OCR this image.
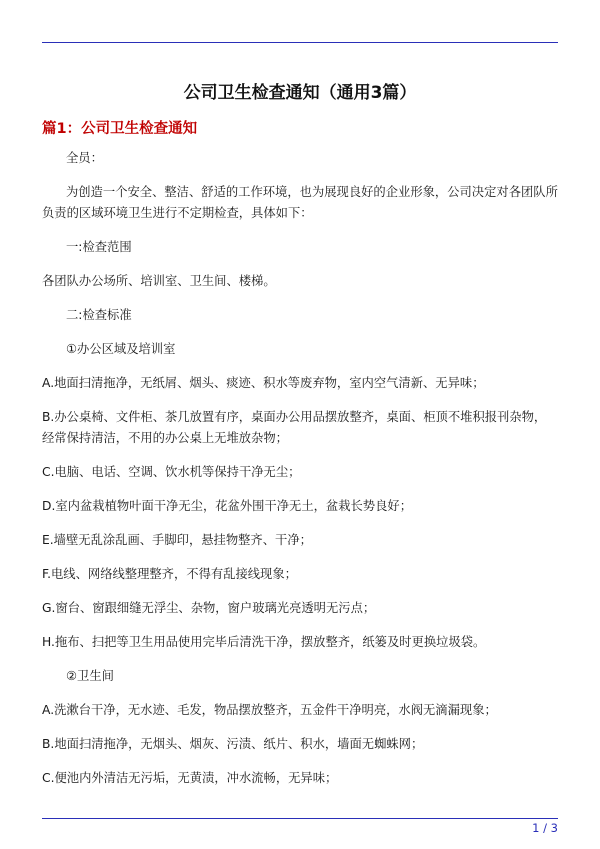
公司卫生检查通知（通用3篇）
篇1：公司卫生检查通知

全员：

为创造一个安全、整洁、舒适的工作环境，也为展现良好的企业形象，公司决定对各团队所负责的区域环境卫生进行不定期检查，具体如下：

一:检查范围

各团队办公场所、培训室、卫生间、楼梯。

二:检查标准

①办公区域及培训室

A.地面扫清拖净，无纸屑、烟头、痰迹、积水等废弃物，室内空气清新、无异味；

B.办公桌椅、文件柜、茶几放置有序，桌面办公用品摆放整齐，桌面、柜顶不堆积报刊杂物，经常保持清洁，不用的办公桌上无堆放杂物；

C.电脑、电话、空调、饮水机等保持干净无尘；

D.室内盆栽植物叶面干净无尘，花盆外围干净无土，盆栽长势良好；

E.墙壁无乱涂乱画、手脚印，悬挂物整齐、干净；

F.电线、网络线整理整齐，不得有乱接线现象；

G.窗台、窗跟细缝无浮尘、杂物，窗户玻璃光亮透明无污点；

H.拖布、扫把等卫生用品使用完毕后清洗干净，摆放整齐，纸篓及时更换垃圾袋。

②卫生间

A.洗漱台干净，无水迹、毛发，物品摆放整齐，五金件干净明亮，水阀无滴漏现象；

B.地面扫清拖净，无烟头、烟灰、污渍、纸片、积水，墙面无蜘蛛网；

C.便池内外清洁无污垢，无黄渍，冲水流畅，无异味；

1 / 3
